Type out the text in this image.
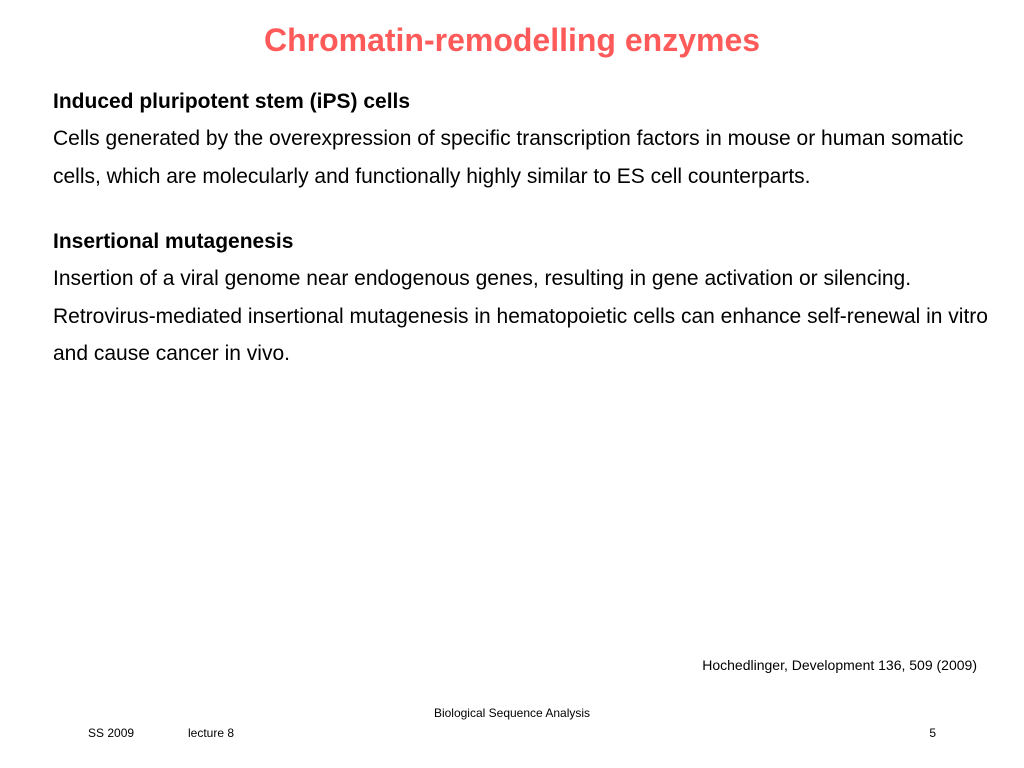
Chromatin-remodelling enzymes

Induced pluripotent stem (iPS) cells

Cells generated by the overexpression of specific transcription factors in mouse or human somatic cells, which are molecularly and functionally highly similar to ES cell counterparts.

Insertional mutagenesis

Insertion of a viral genome near endogenous genes, resulting in gene activation or silencing. Retrovirus-mediated insertional mutagenesis in hematopoietic cells can enhance self-renewal in vitro and cause cancer in vivo.

Hochedlinger, Development 136, 509 (2009)
Biological Sequence Analysis
SS 2009	lecture 8	5
